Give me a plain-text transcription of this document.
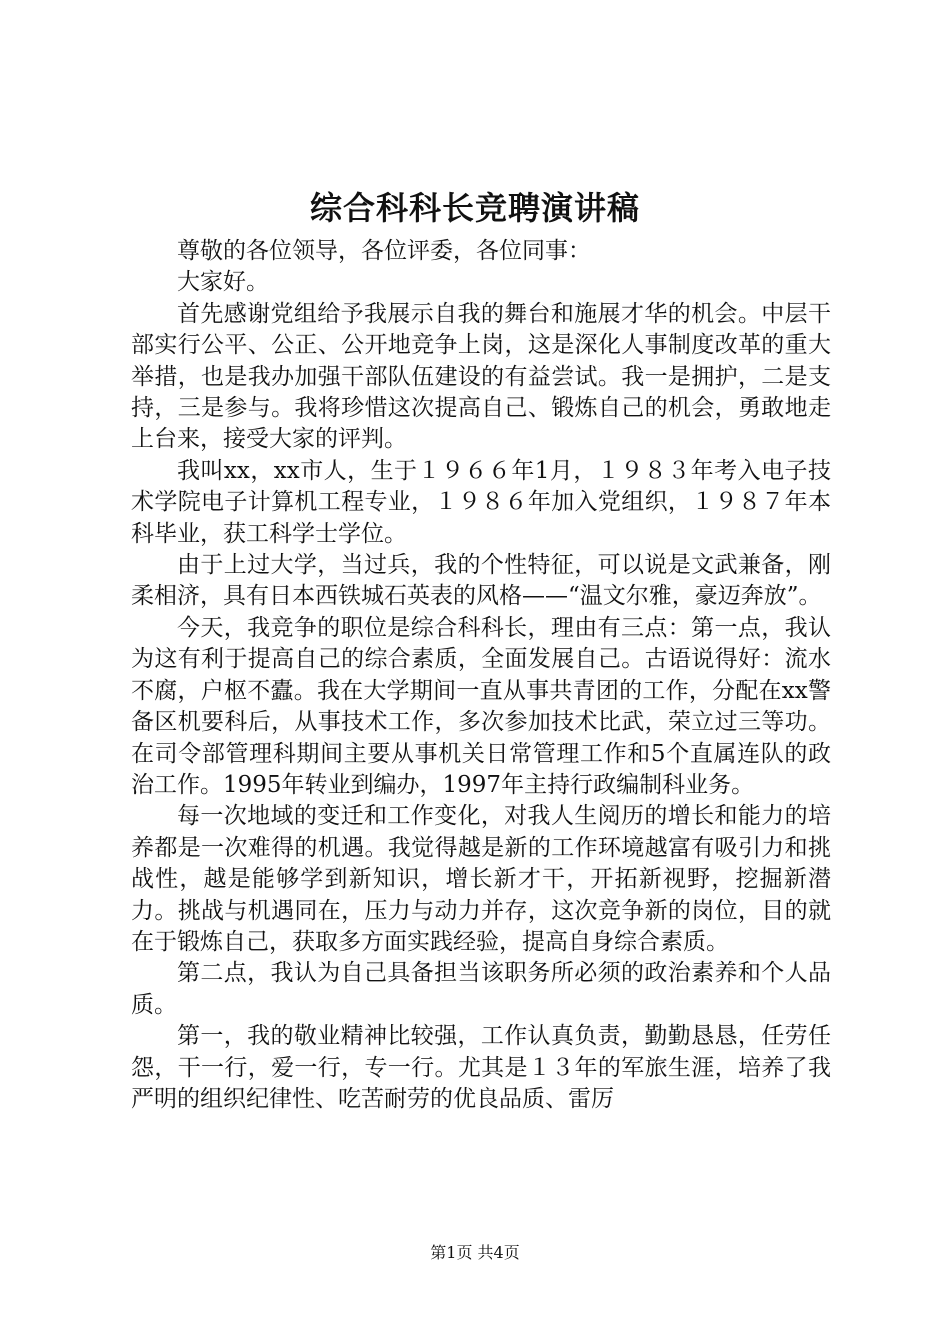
综合科科长竞聘演讲稿

尊敬的各位领导，各位评委，各位同事：

大家好。

首先感谢党组给予我展示自我的舞台和施展才华的机会。中层干部实行公平、公正、公开地竞争上岗，这是深化人事制度改革的重大举措，也是我办加强干部队伍建设的有益尝试。我一是拥护，二是支持，三是参与。我将珍惜这次提高自己、锻炼自己的机会，勇敢地走上台来，接受大家的评判。

我叫xx，xx市人，生于１９６６年1月，１９８３年考入电子技术学院电子计算机工程专业，１９８６年加入党组织，１９８７年本科毕业，获工科学士学位。

由于上过大学，当过兵，我的个性特征，可以说是文武兼备，刚柔相济，具有日本西铁城石英表的风格——“温文尔雅，豪迈奔放”。

今天，我竞争的职位是综合科科长，理由有三点：第一点，我认为这有利于提高自己的综合素质，全面发展自己。古语说得好：流水不腐，户枢不蠹。我在大学期间一直从事共青团的工作，分配在xx警备区机要科后，从事技术工作，多次参加技术比武，荣立过三等功。在司令部管理科期间主要从事机关日常管理工作和5个直属连队的政治工作。1995年转业到编办，1997年主持行政编制科业务。

每一次地域的变迁和工作变化，对我人生阅历的增长和能力的培养都是一次难得的机遇。我觉得越是新的工作环境越富有吸引力和挑战性，越是能够学到新知识，增长新才干，开拓新视野，挖掘新潜力。挑战与机遇同在，压力与动力并存，这次竞争新的岗位，目的就在于锻炼自己，获取多方面实践经验，提高自身综合素质。

第二点，我认为自己具备担当该职务所必须的政治素养和个人品质。

第一，我的敬业精神比较强，工作认真负责，勤勤恳恳，任劳任怨，干一行，爱一行，专一行。尤其是１３年的军旅生涯，培养了我严明的组织纪律性、吃苦耐劳的优良品质、雷厉

第1页 共4页
